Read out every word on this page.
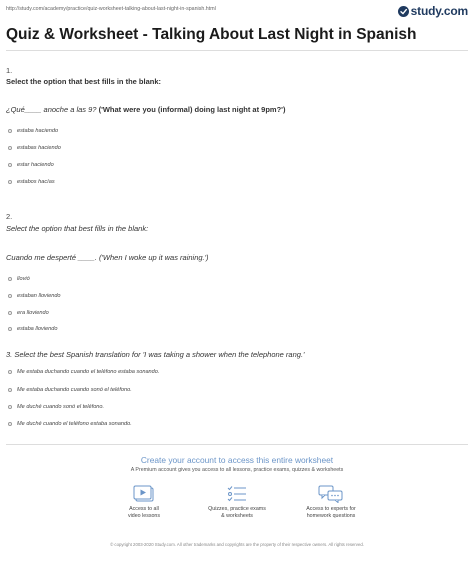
http://study.com/academy/practice/quiz-worksheet-talking-about-last-night-in-spanish.html	study.com
Quiz & Worksheet - Talking About Last Night in Spanish
1.
Select the option that best fills in the blank:
¿Qué____ anoche a las 9? ('What were you (informal) doing last night at 9pm?')
estaba haciendo
estabas haciendo
estar haciendo
estabos hacías
2.
Select the option that best fills in the blank:
Cuando me desperté ____. ('When I woke up it was raining.')
llovió
estaban lloviendo
era lloviendo
estaba lloviendo
3. Select the best Spanish translation for 'I was taking a shower when the telephone rang.'
Me estaba duchando cuando el teléfono estaba sonando.
Me estaba duchando cuando sonó el teléfono.
Me duché cuando sonó el teléfono.
Me duché cuando el teléfono estaba sonando.
Create your account to access this entire worksheet
A Premium account gives you access to all lessons, practice exams, quizzes & worksheets
Access to all
video lessons
Quizzes, practice exams
& worksheets
Access to experts for
homework questions
© copyright 2003-2020 Study.com. All other trademarks and copyrights are the property of their respective owners. All rights reserved.
